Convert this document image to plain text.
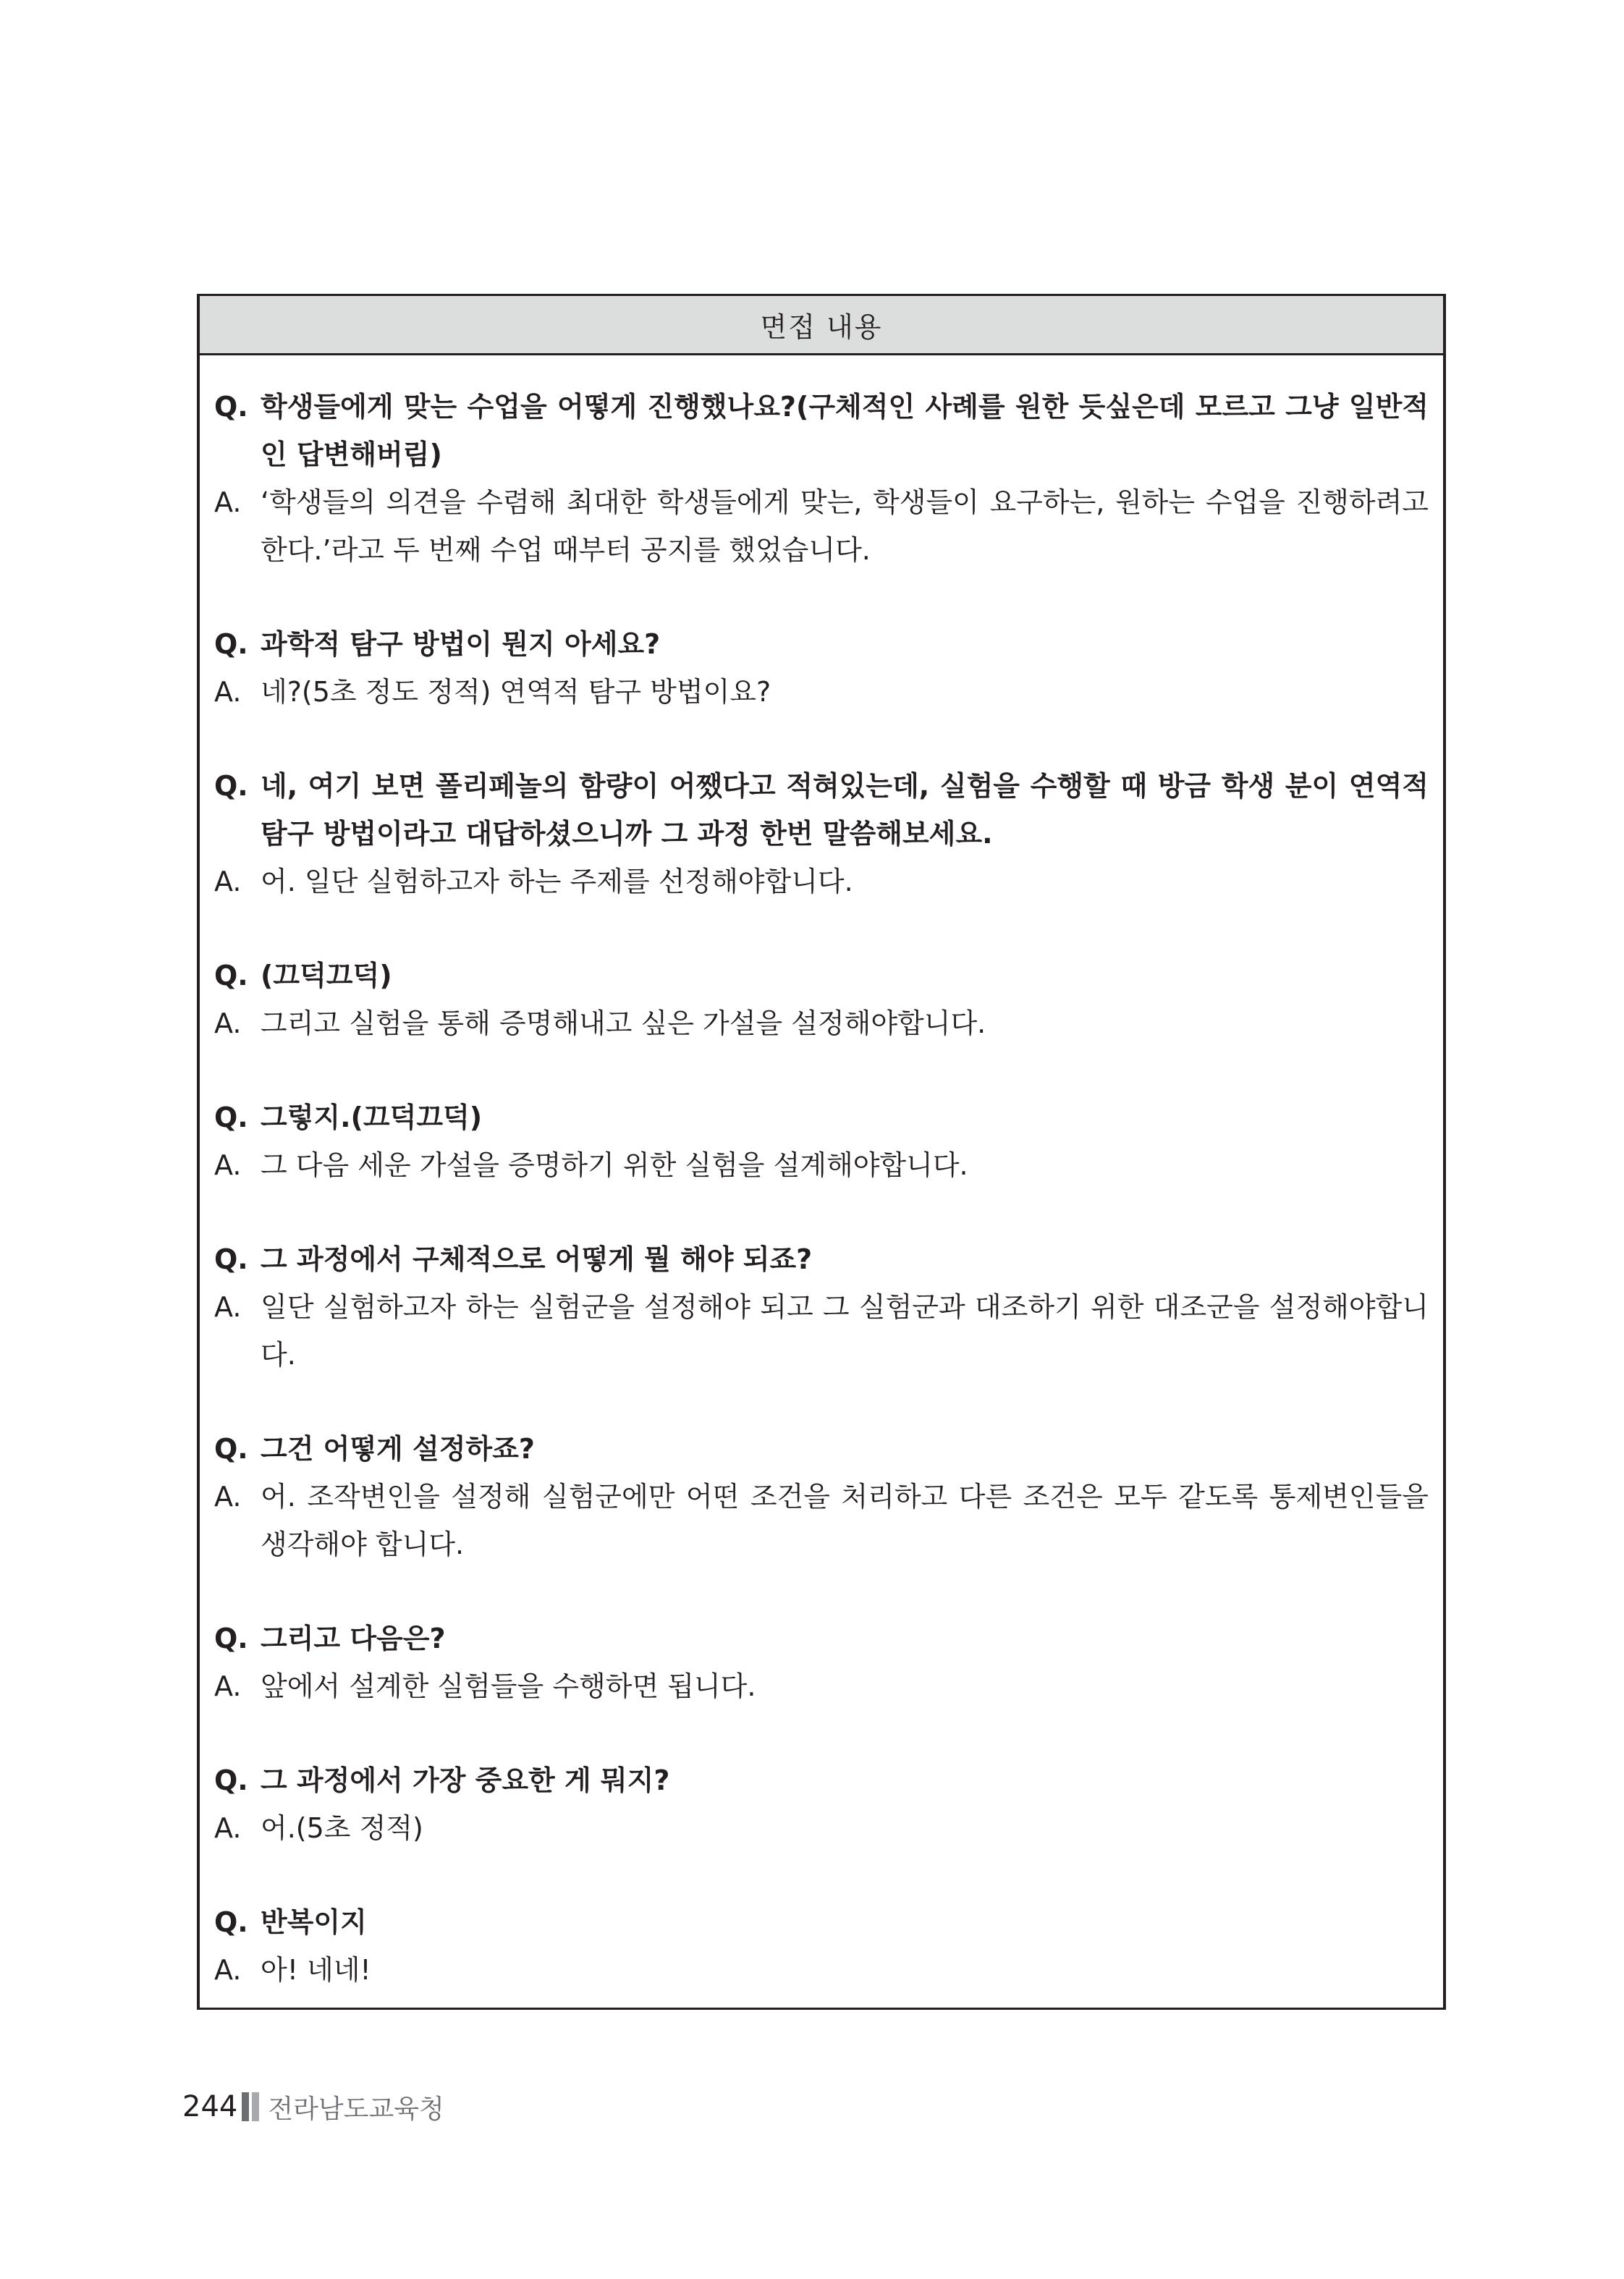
면접 내용
Q. 학생들에게 맞는 수업을 어떻게 진행했나요?(구체적인 사례를 원한 듯싶은데 모르고 그냥 일반적인 답변해버림)
A. ‘학생들의 의견을 수렴해 최대한 학생들에게 맞는, 학생들이 요구하는, 원하는 수업을 진행하려고 한다.’라고 두 번째 수업 때부터 공지를 했었습니다.
Q. 과학적 탐구 방법이 뭔지 아세요?
A. 네?(5초 정도 정적) 연역적 탐구 방법이요?
Q. 네, 여기 보면 폴리페놀의 함량이 어쨌다고 적혀있는데, 실험을 수행할 때 방금 학생 분이 연역적 탐구 방법이라고 대답하셨으니까 그 과정 한번 말씀해보세요.
A. 어. 일단 실험하고자 하는 주제를 선정해야합니다.
Q. (끄덕끄덕)
A. 그리고 실험을 통해 증명해내고 싶은 가설을 설정해야합니다.
Q. 그렇지.(끄덕끄덕)
A. 그 다음 세운 가설을 증명하기 위한 실험을 설계해야합니다.
Q. 그 과정에서 구체적으로 어떻게 뭘 해야 되죠?
A. 일단 실험하고자 하는 실험군을 설정해야 되고 그 실험군과 대조하기 위한 대조군을 설정해야합니다.
Q. 그건 어떻게 설정하죠?
A. 어. 조작변인을 설정해 실험군에만 어떤 조건을 처리하고 다른 조건은 모두 같도록 통제변인들을 생각해야 합니다.
Q. 그리고 다음은?
A. 앞에서 설계한 실험들을 수행하면 됩니다.
Q. 그 과정에서 가장 중요한 게 뭐지?
A. 어.(5초 정적)
Q. 반복이지
A. 아! 네네!
244 전라남도교육청
